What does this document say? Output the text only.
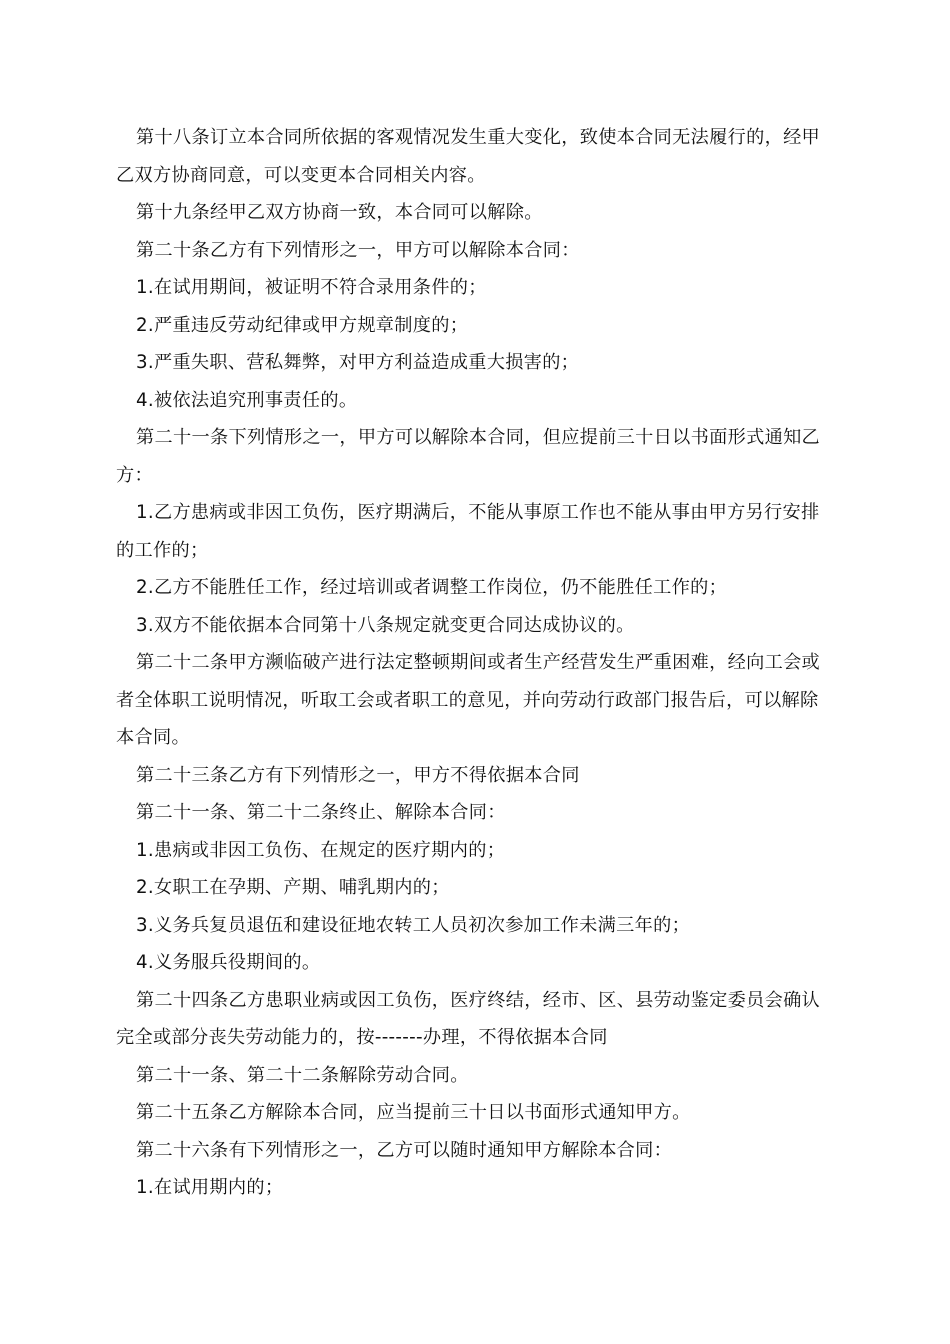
第十八条订立本合同所依据的客观情况发生重大变化，致使本合同无法履行的，经甲乙双方协商同意，可以变更本合同相关内容。

第十九条经甲乙双方协商一致，本合同可以解除。

第二十条乙方有下列情形之一，甲方可以解除本合同：

1.在试用期间，被证明不符合录用条件的；

2.严重违反劳动纪律或甲方规章制度的；

3.严重失职、营私舞弊，对甲方利益造成重大损害的；

4.被依法追究刑事责任的。

第二十一条下列情形之一，甲方可以解除本合同，但应提前三十日以书面形式通知乙方：

1.乙方患病或非因工负伤，医疗期满后，不能从事原工作也不能从事由甲方另行安排的工作的；

2.乙方不能胜任工作，经过培训或者调整工作岗位，仍不能胜任工作的；

3.双方不能依据本合同第十八条规定就变更合同达成协议的。

第二十二条甲方濒临破产进行法定整顿期间或者生产经营发生严重困难，经向工会或者全体职工说明情况，听取工会或者职工的意见，并向劳动行政部门报告后，可以解除本合同。

第二十三条乙方有下列情形之一，甲方不得依据本合同

第二十一条、第二十二条终止、解除本合同：

1.患病或非因工负伤、在规定的医疗期内的；

2.女职工在孕期、产期、哺乳期内的；

3.义务兵复员退伍和建设征地农转工人员初次参加工作未满三年的；

4.义务服兵役期间的。

第二十四条乙方患职业病或因工负伤，医疗终结，经市、区、县劳动鉴定委员会确认完全或部分丧失劳动能力的，按-------办理，不得依据本合同

第二十一条、第二十二条解除劳动合同。

第二十五条乙方解除本合同，应当提前三十日以书面形式通知甲方。

第二十六条有下列情形之一，乙方可以随时通知甲方解除本合同：

1.在试用期内的；
